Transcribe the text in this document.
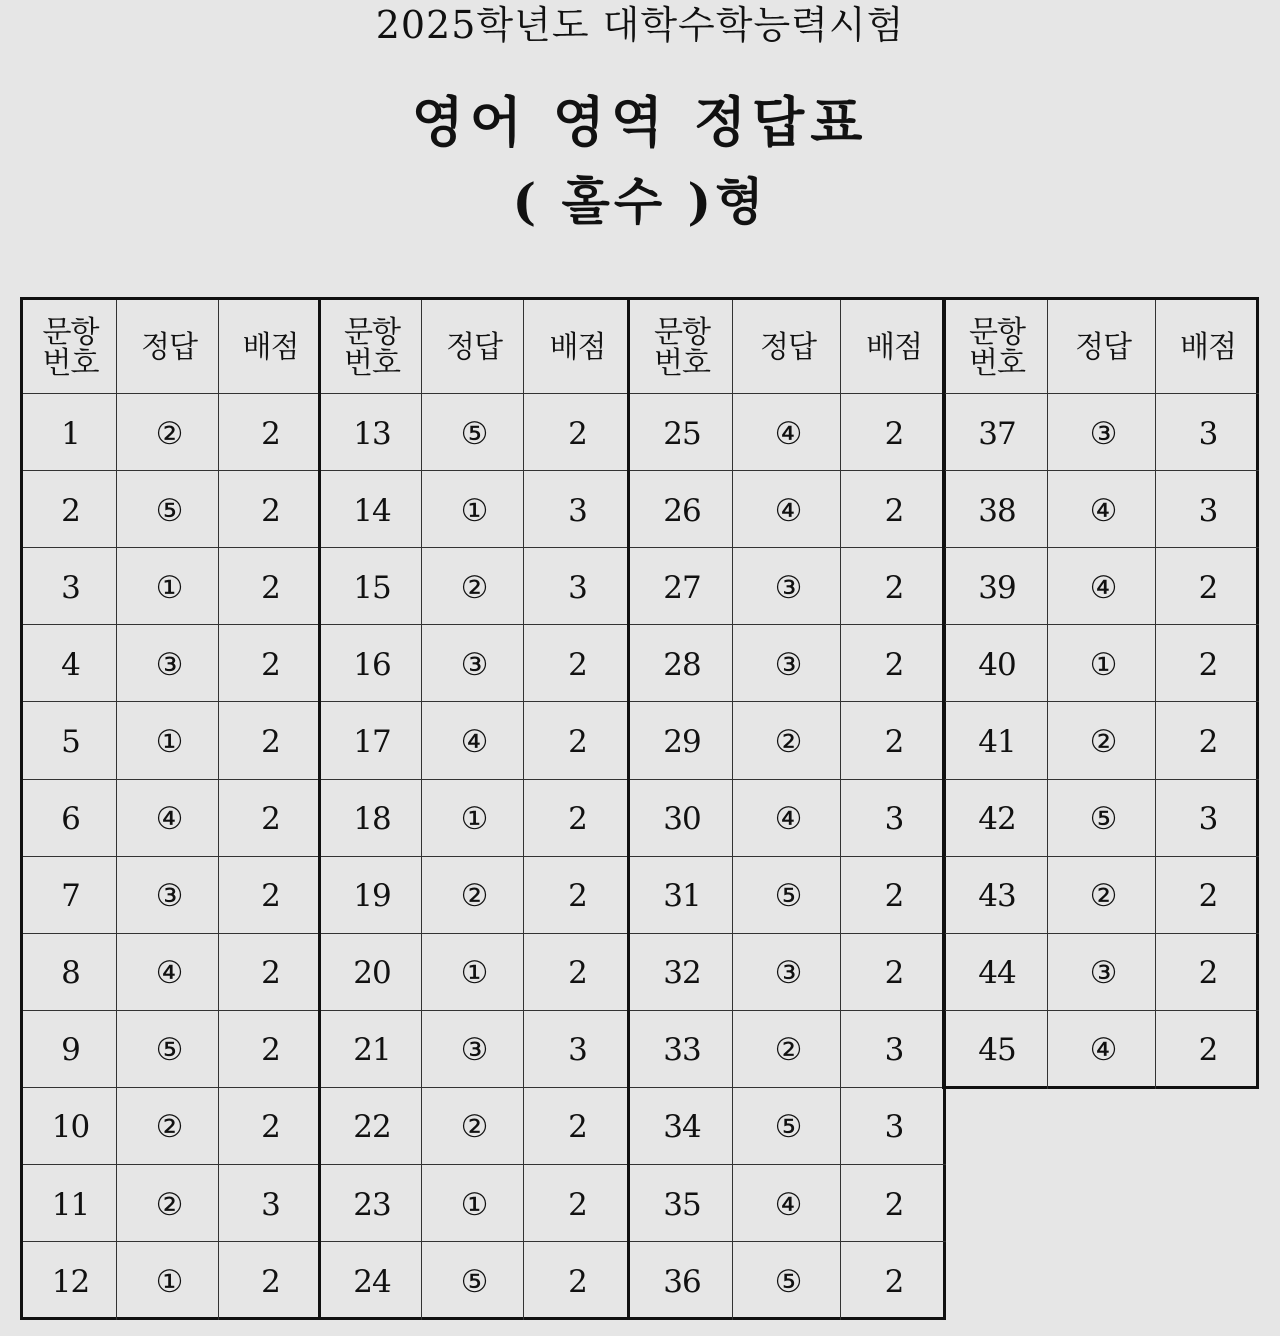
2025학년도 대학수학능력시험
영어 영역 정답표
( 홀수 )형
문항
번호 정답 배점
1	②	2
2	⑤	2
3	①	2
4	③	2
5	①	2
6	④	2
7	③	2
8	④	2
9	⑤	2
10	②	2
11	②	3
12	①	2
문항
번호 정답 배점
13	⑤	2
14	①	3
15	②	3
16	③	2
17	④	2
18	①	2
19	②	2
20	①	2
21	③	3
22	②	2
23	①	2
24	⑤	2
문항
번호 정답 배점
25	④	2
26	④	2
27	③	2
28	③	2
29	②	2
30	④	3
31	⑤	2
32	③	2
33	②	3
34	⑤	3
35	④	2
36	⑤	2
문항
번호 정답 배점
37	③	3
38	④	3
39	④	2
40	①	2
41	②	2
42	⑤	3
43	②	2
44	③	2
45	④	2
